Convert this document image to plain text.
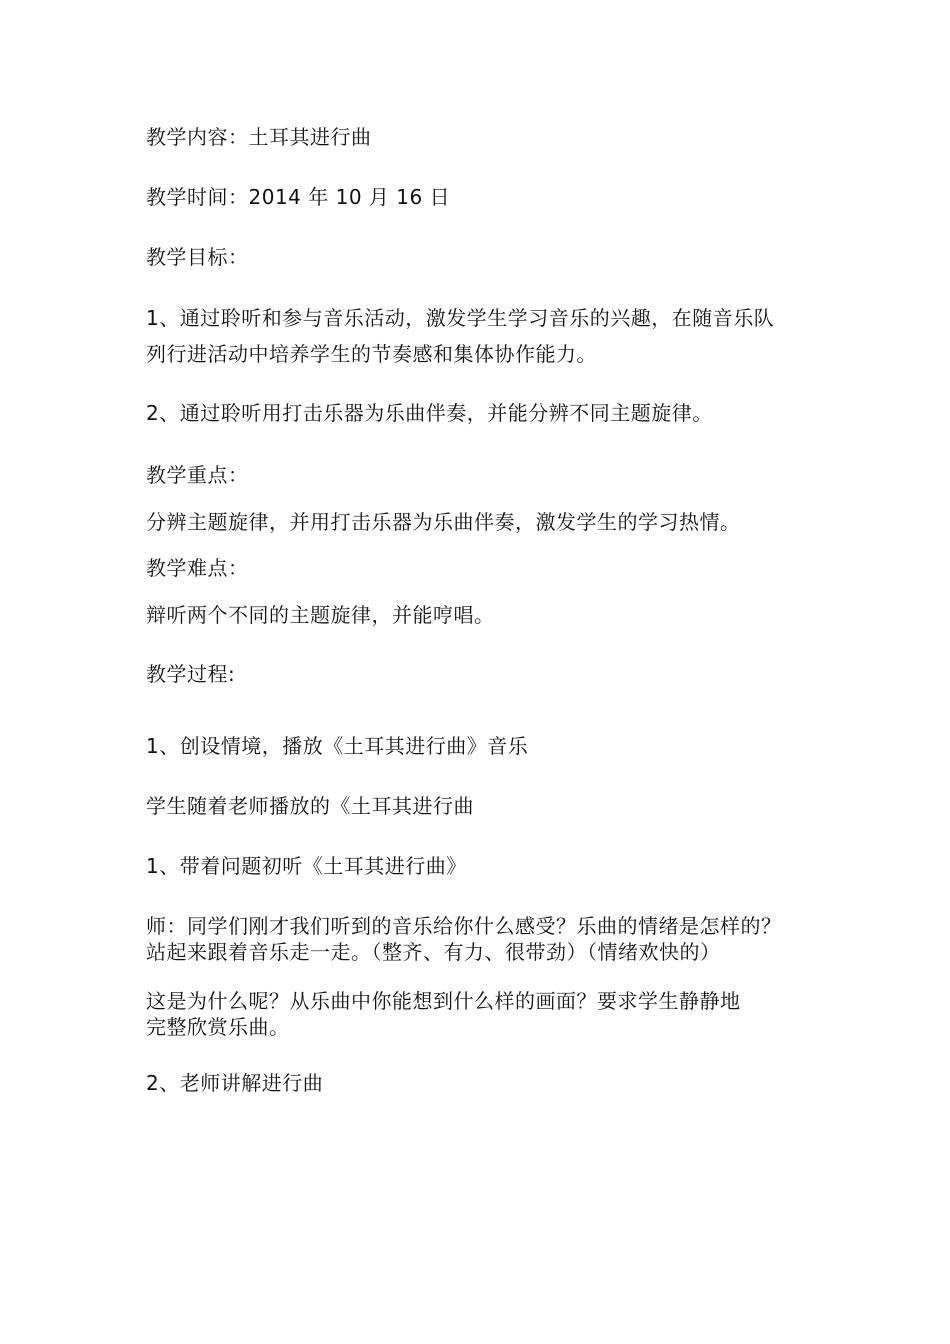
教学内容：土耳其进行曲
教学时间：2014 年 10 月 16 日
教学目标：
1、通过聆听和参与音乐活动，激发学生学习音乐的兴趣，在随音乐队
列行进活动中培养学生的节奏感和集体协作能力。
2、通过聆听用打击乐器为乐曲伴奏，并能分辨不同主题旋律。
教学重点：
分辨主题旋律，并用打击乐器为乐曲伴奏，激发学生的学习热情。
教学难点：
辩听两个不同的主题旋律，并能哼唱。
教学过程:
1、创设情境，播放《土耳其进行曲》音乐
学生随着老师播放的《土耳其进行曲
1、带着问题初听《土耳其进行曲》
师：同学们刚才我们听到的音乐给你什么感受？乐曲的情绪是怎样的？
站起来跟着音乐走一走。（整齐、有力、很带劲）（情绪欢快的）
这是为什么呢？从乐曲中你能想到什么样的画面？要求学生静静地
完整欣赏乐曲。
2、老师讲解进行曲
